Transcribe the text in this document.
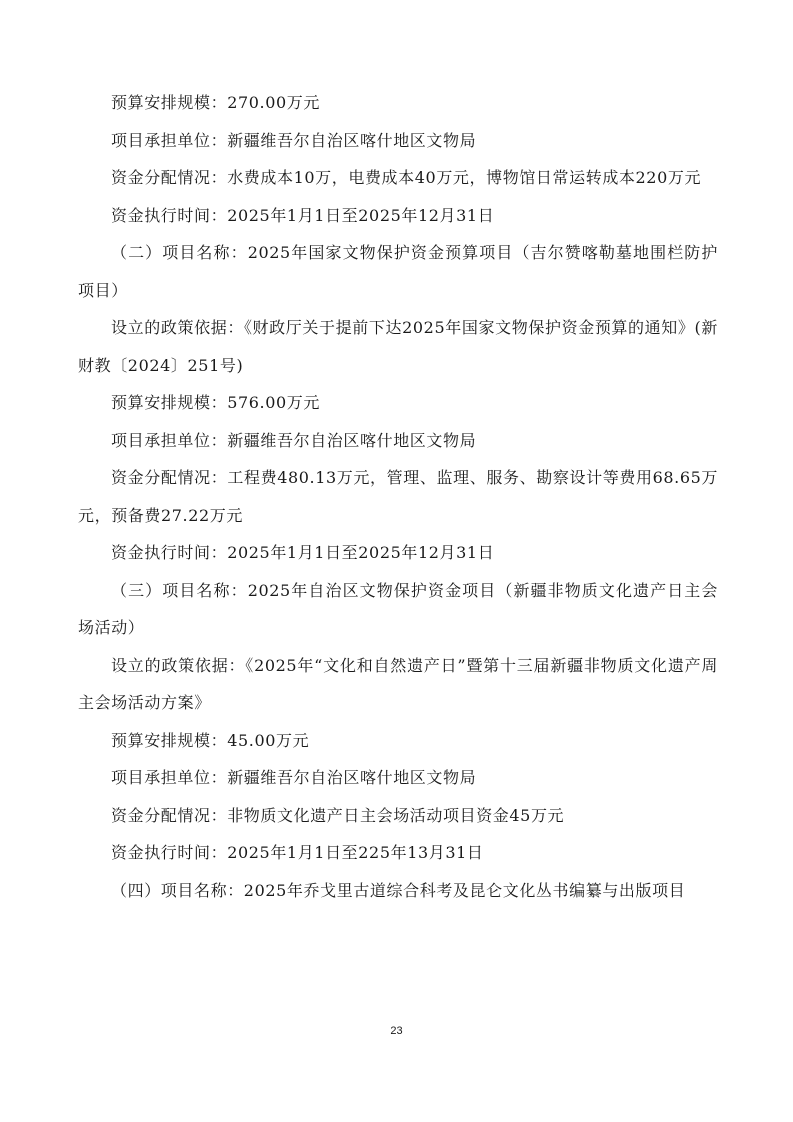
预算安排规模：270.00万元

项目承担单位：新疆维吾尔自治区喀什地区文物局

资金分配情况：水费成本10万，电费成本40万元，博物馆日常运转成本220万元

资金执行时间：2025年1月1日至2025年12月31日

（二）项目名称：2025年国家文物保护资金预算项目（吉尔赞喀勒墓地围栏防护项目）

设立的政策依据：《财政厅关于提前下达2025年国家文物保护资金预算的通知》(新财教〔2024〕251号)

预算安排规模：576.00万元

项目承担单位：新疆维吾尔自治区喀什地区文物局

资金分配情况：工程费480.13万元，管理、监理、服务、勘察设计等费用68.65万元，预备费27.22万元

资金执行时间：2025年1月1日至2025年12月31日

（三）项目名称：2025年自治区文物保护资金项目（新疆非物质文化遗产日主会场活动）

设立的政策依据：《2025年“文化和自然遗产日”暨第十三届新疆非物质文化遗产周主会场活动方案》

预算安排规模：45.00万元

项目承担单位：新疆维吾尔自治区喀什地区文物局

资金分配情况：非物质文化遗产日主会场活动项目资金45万元

资金执行时间：2025年1月1日至225年13月31日

（四）项目名称：2025年乔戈里古道综合科考及昆仑文化丛书编纂与出版项目

23
